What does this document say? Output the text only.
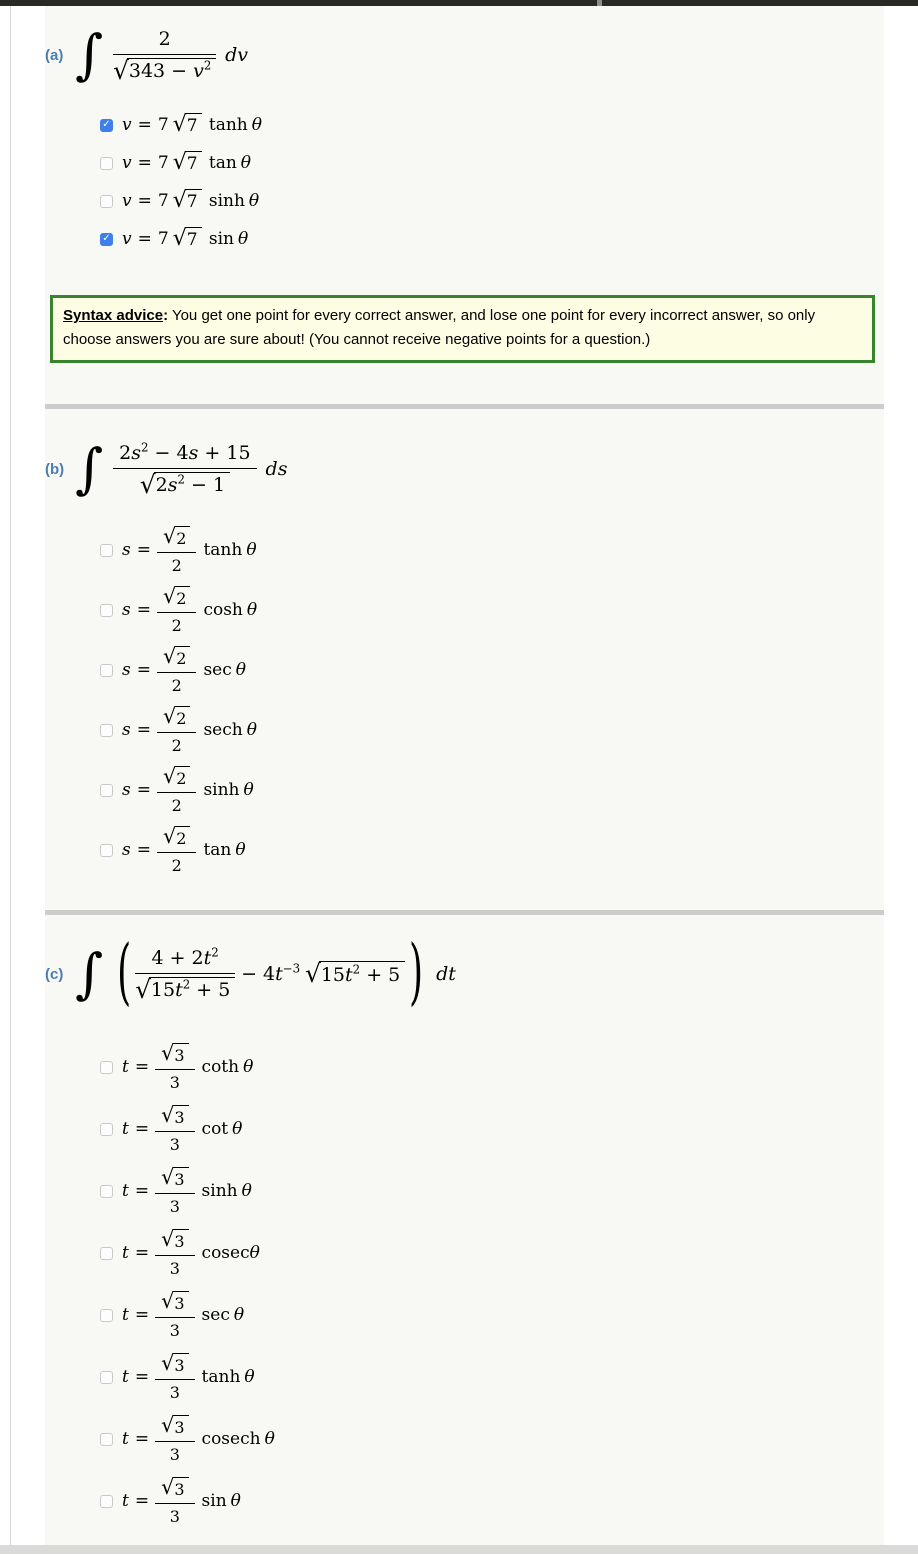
(a) ∫ $\frac{2}{√ 343 - v^2}$ dv
✓
v = 7 √ 7 tanh θ
v = 7 √ 7 tan θ
v = 7 √ 7 sinh θ
✓
v = 7 √ 7 sin θ
Syntax advice: You get one point for every correct answer, and lose one point for every incorrect answer, so only choose answers you are sure about! (You cannot receive negative points for a question.)
(b) ∫ $\frac{2s^2 - 4s + 15}{√ 2s^2 - 1}$ ds
$s = \frac{√ 2}{2}$ tanh θ
$s = \frac{√ 2}{2}$ cosh θ
$s = \frac{√ 2}{2}$ sec θ
$s = \frac{√ 2}{2}$ sech θ
$s = \frac{√ 2}{2}$ sinh θ
$s = \frac{√ 2}{2}$ tan θ
(c) ∫ ( $\frac{4 + 2t^2}{√ 15t^2 + 5} - 4t^{-3}$ √ $15t^2 + 5$ ) dt
$t = \frac{√ 3}{3}$ coth θ
$t = \frac{√ 3}{3}$ cot θ
$t = \frac{√ 3}{3}$ sinh θ
$t = \frac{√ 3}{3}$ cosec θ
$t = \frac{√ 3}{3}$ sec θ
$t = \frac{√ 3}{3}$ tanh θ
$t = \frac{√ 3}{3}$ cosech θ
$t = \frac{√ 3}{3}$ sin θ
